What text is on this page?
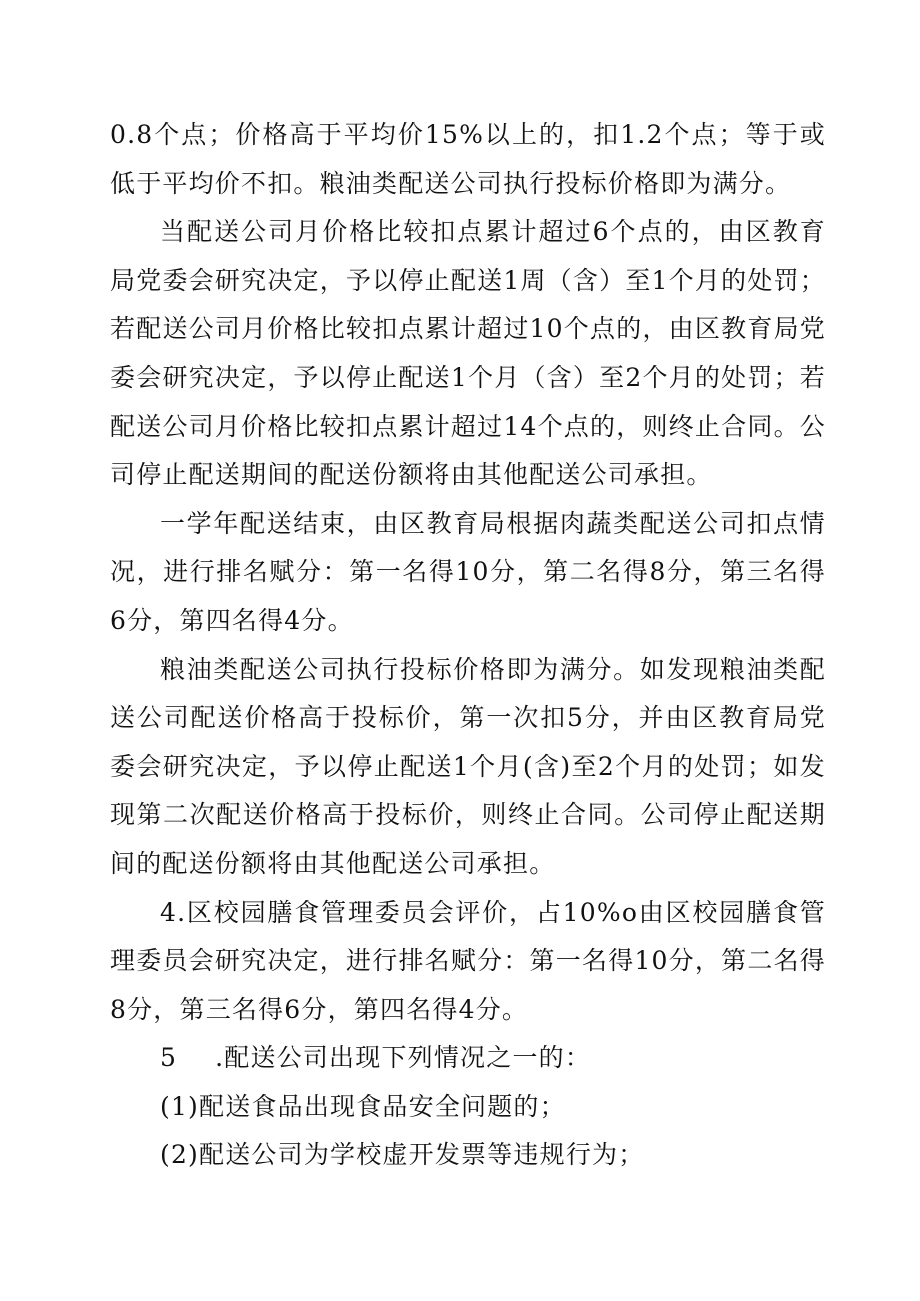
0.8个点；价格高于平均价15%以上的，扣1.2个点；等于或低于平均价不扣。粮油类配送公司执行投标价格即为满分。

当配送公司月价格比较扣点累计超过6个点的，由区教育局党委会研究决定，予以停止配送1周（含）至1个月的处罚；若配送公司月价格比较扣点累计超过10个点的，由区教育局党委会研究决定，予以停止配送1个月（含）至2个月的处罚；若配送公司月价格比较扣点累计超过14个点的，则终止合同。公司停止配送期间的配送份额将由其他配送公司承担。

一学年配送结束，由区教育局根据肉蔬类配送公司扣点情况，进行排名赋分：第一名得10分，第二名得8分，第三名得6分，第四名得4分。

粮油类配送公司执行投标价格即为满分。如发现粮油类配送公司配送价格高于投标价，第一次扣5分，并由区教育局党委会研究决定，予以停止配送1个月(含)至2个月的处罚；如发现第二次配送价格高于投标价，则终止合同。公司停止配送期间的配送份额将由其他配送公司承担。

4.区校园膳食管理委员会评价，占10%o由区校园膳食管理委员会研究决定，进行排名赋分：第一名得10分，第二名得8分，第三名得6分，第四名得4分。

5 .配送公司出现下列情况之一的：

(1)配送食品出现食品安全问题的；

(2)配送公司为学校虚开发票等违规行为；
